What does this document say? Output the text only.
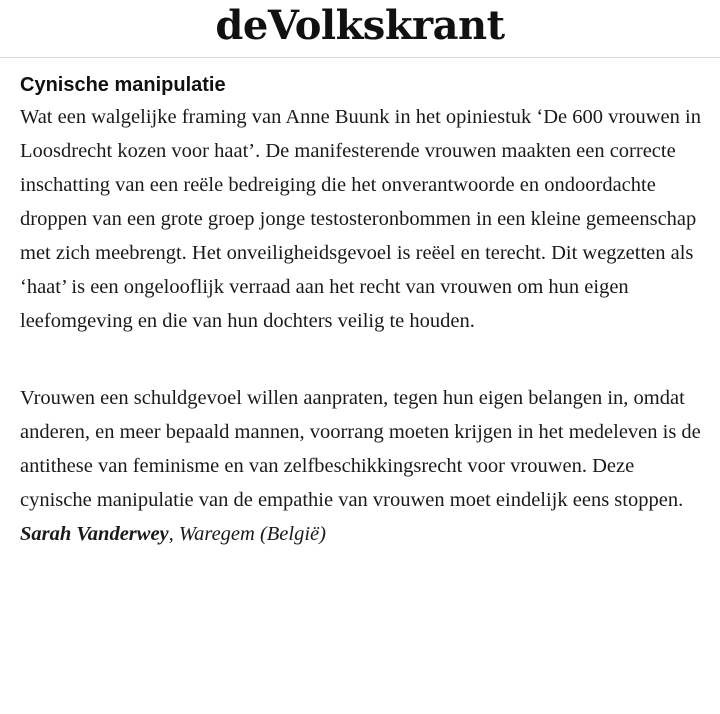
deVolkskrant
Cynische manipulatie

Wat een walgelijke framing van Anne Buunk in het opiniestuk ‘De 600 vrouwen in Loosdrecht kozen voor haat’. De manifesterende vrouwen maakten een correcte inschatting van een reële bedreiging die het onverantwoorde en ondoordachte droppen van een grote groep jonge testosteronbommen in een kleine gemeenschap met zich meebrengt. Het onveiligheidsgevoel is reëel en terecht. Dit wegzetten als ‘haat’ is een ongelooflijk verraad aan het recht van vrouwen om hun eigen leefomgeving en die van hun dochters veilig te houden.

Vrouwen een schuldgevoel willen aanpraten, tegen hun eigen belangen in, omdat anderen, en meer bepaald mannen, voorrang moeten krijgen in het medeleven is de antithese van feminisme en van zelfbeschikkingsrecht voor vrouwen. Deze cynische manipulatie van de empathie van vrouwen moet eindelijk eens stoppen.

Sarah Vanderwey, Waregem (België)
